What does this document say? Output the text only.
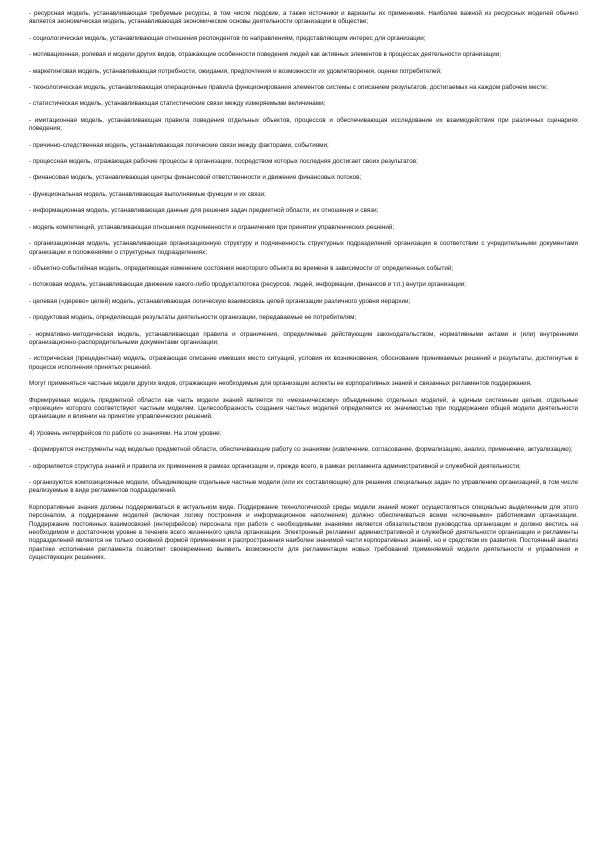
- ресурсная модель, устанавливающая требуемые ресурсы, в том числе людские, а также источники и варианты их применения. Наиболее важной из ресурсных моделей обычно является экономическая модель, устанавливающая экономические основы деятельности организации в обществе;

- социологическая модель, устанавливающая отношения респондентов по направлениям, представляющим интерес для организации;

- мотивационная, ролевая и модели других видов, отражающие особенности поведения людей как активных элементов в процессах деятельности организации;

- маркетинговая модель, устанавливающая потребности, ожидания, предпочтения и возможности их удовлетворения, оценки потребителей;

- технологическая модель, устанавливающая операционные правила функционирования элементов системы с описанием результатов, достигаемых на каждом рабочем месте;

- статистическая модель, устанавливающая статистические связи между измеряемыми величинами;

- имитационная модель, устанавливающая правила поведения отдельных объектов, процессов и обеспечивающая исследование их взаимодействия при различных сценариях поведения;

- причинно-следственная модель, устанавливающая логические связи между факторами, событиями;

- процессная модель, отражающая рабочие процессы в организации, посредством которых последняя достигает своих результатов;

- финансовая модель, устанавливающая центры финансовой ответственности и движение финансовых потоков;

- функциональная модель, устанавливающая выполняемые функции и их связи;

- информационная модель, устанавливающая данные для решения задач предметной области, их отношения и связи;

- модель компетенций, устанавливающая отношения подчиненности и ограничения при принятии управленческих решений;

- организационная модель, устанавливающая организационную структуру и подчиненность структурных подразделений организации в соответствии с учредительными документами организации и положениями о структурных подразделениях;

- объектно-событийная модель, определяющая изменение состояния некоторого объекта во времени в зависимости от определенных событий;

- потоковая модель, устанавливающая движение какого-либо продукта/потока (ресурсов, людей, информации, финансов и т.п.) внутри организации;

- целевая («дерево» целей) модель, устанавливающая логическую взаимосвязь целей организации различного уровня иерархии;

- продуктовая модель, определяющая результаты деятельности организации, передаваемые ее потребителям;

- нормативно-методическая модель, устанавливающая правила и ограничения, определяемые действующим законодательством, нормативными актами и (или) внутренними организационно-распорядительными документами организации;

- историческая (прецедентная) модель, отражающая описание имевших место ситуаций, условия их возникновения, обоснование принимаемых решений и результаты, достигнутые в процессе исполнения принятых решений.

Могут применяться частные модели других видов, отражающие необходимые для организации аспекты ее корпоративных знаний и связанных регламентов поддержания.

Формируемая модель предметной области как часть модели знаний является по «механическому» объединению отдельных моделей, а единым системным целым, отдельные «проекции» которого соответствуют частным моделям. Целесообразность создания частных моделей определяется их значимостью при поддержании общей модели деятельности организации и влиянии на принятие управленческих решений.

4) Уровень интерфейсов по работе со знаниями. На этом уровне:

- формируются инструменты над моделью предметной области, обеспечивающие работу со знаниями (извлечение, согласование, формализацию, анализ, применение, актуализацию);

- оформляется структура знаний и правила их применения в рамках организации и, прежде всего, в рамках регламента административной и служебной деятельности;

- организуются композиционные модели, объединяющие отдельные частные модели (или их составляющие) для решения специальных задач по управлению организацией, в том числе реализуемые в виде регламентов подразделений.

Корпоративные знания должны поддерживаться в актуальном виде. Поддержание технологической среды модели знаний может осуществляться специально выделенным для этого персоналом, а поддержание моделей (включая логику построения и информационное наполнение) должно обеспечиваться всеми «ключевыми» работниками организации. Поддержание постоянных взаимосвязей (интерфейсов) персонала при работе с необходимыми знаниями является обязательством руководства организации и должно вестись на необходимом и достаточном уровне в течение всего жизненного цикла организации. Электронный регламент административной и служебной деятельности организации и регламенты подразделений являются не только основной формой применения и распространения наиболее значимой части корпоративных знаний, но и средством их развития. Постоянный анализ практики исполнения регламента позволяет своевременно выявить возможности для регламентации новых требований применяемой модели деятельности и управления и существующих решениях.
